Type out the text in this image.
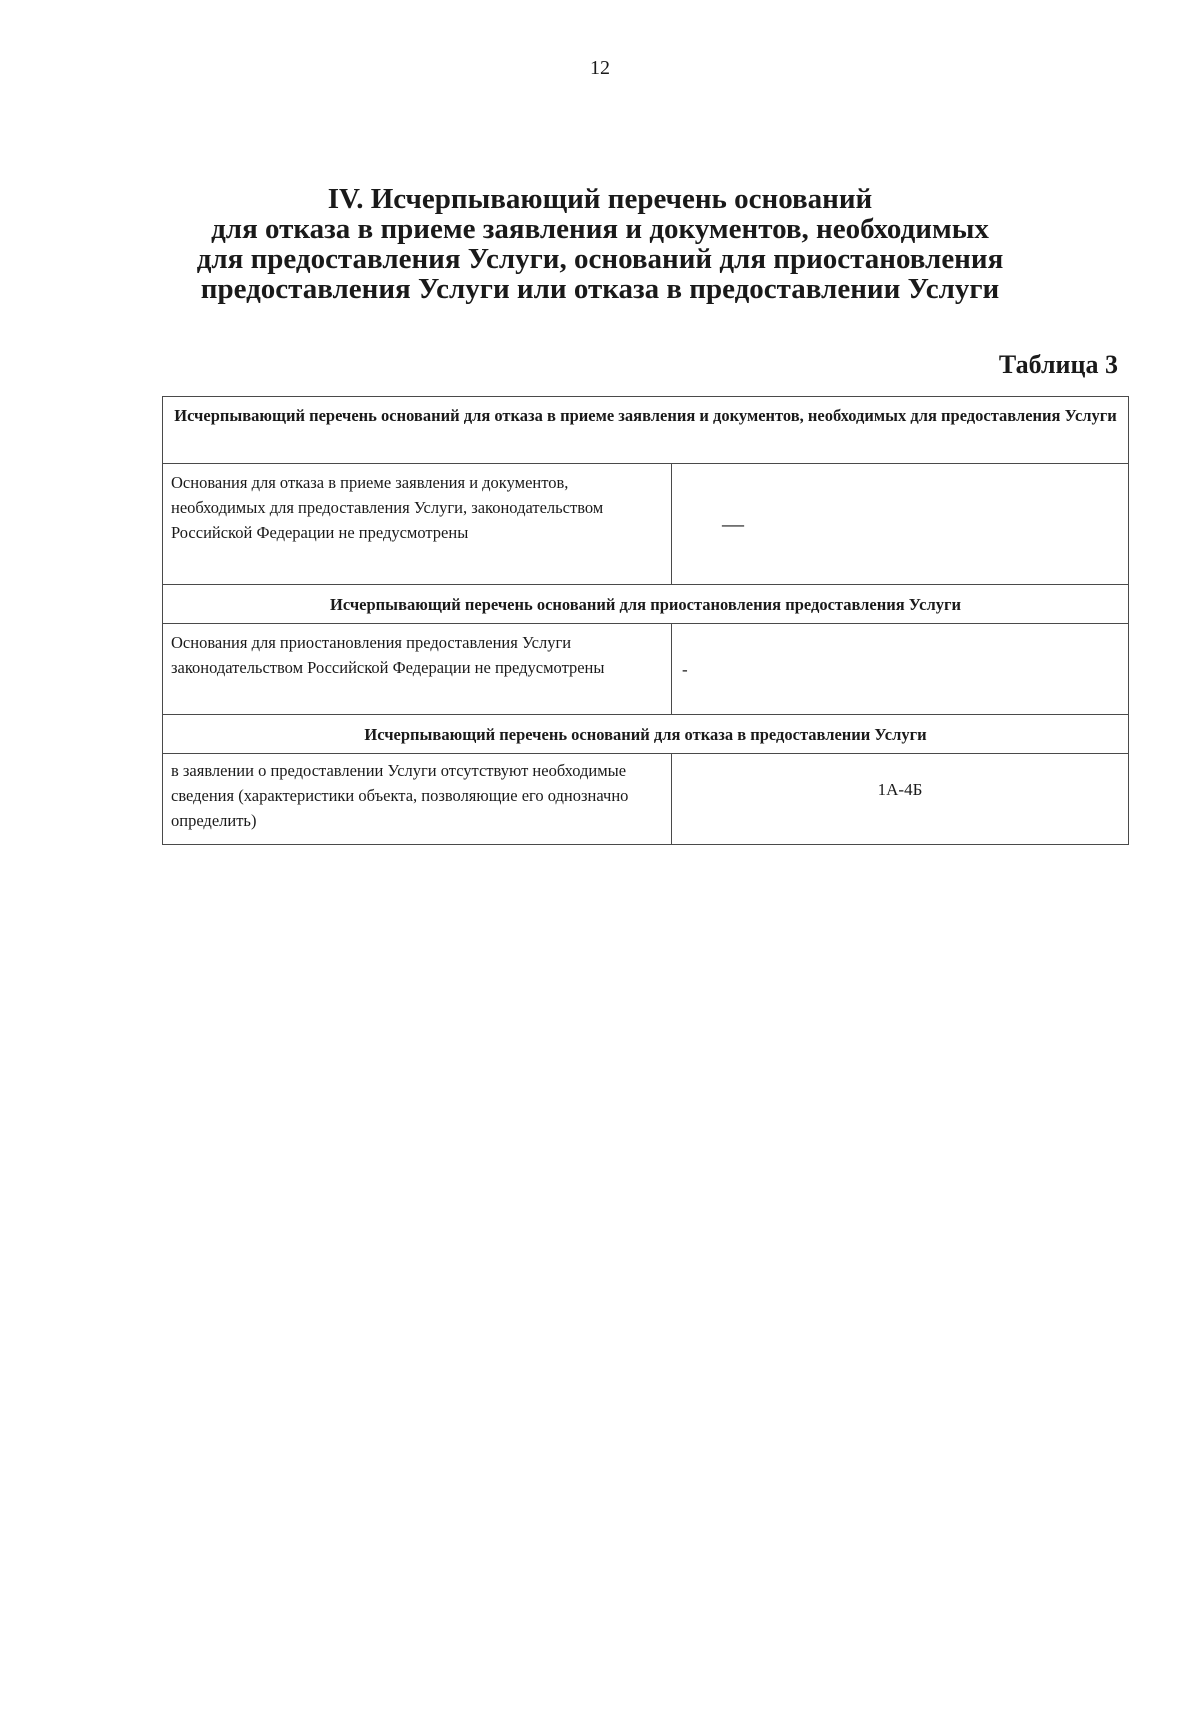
12
IV. Исчерпывающий перечень оснований
для отказа в приеме заявления и документов, необходимых
для предоставления Услуги, оснований для приостановления
предоставления Услуги или отказа в предоставлении Услуги
Таблица 3
Исчерпывающий перечень оснований для отказа в приеме заявления и документов, необходимых для предоставления Услуги	
Основания для отказа в приеме заявления и документов, необходимых для предоставления Услуги, законодательством Российской Федерации не предусмотрены	—
Исчерпывающий перечень оснований для приостановления предоставления Услуги	
Основания для приостановления предоставления Услуги законодательством Российской Федерации не предусмотрены	-
Исчерпывающий перечень оснований для отказа в предоставлении Услуги	
в заявлении о предоставлении Услуги отсутствуют необходимые сведения (характеристики объекта, позволяющие его однозначно определить)	1А-4Б
